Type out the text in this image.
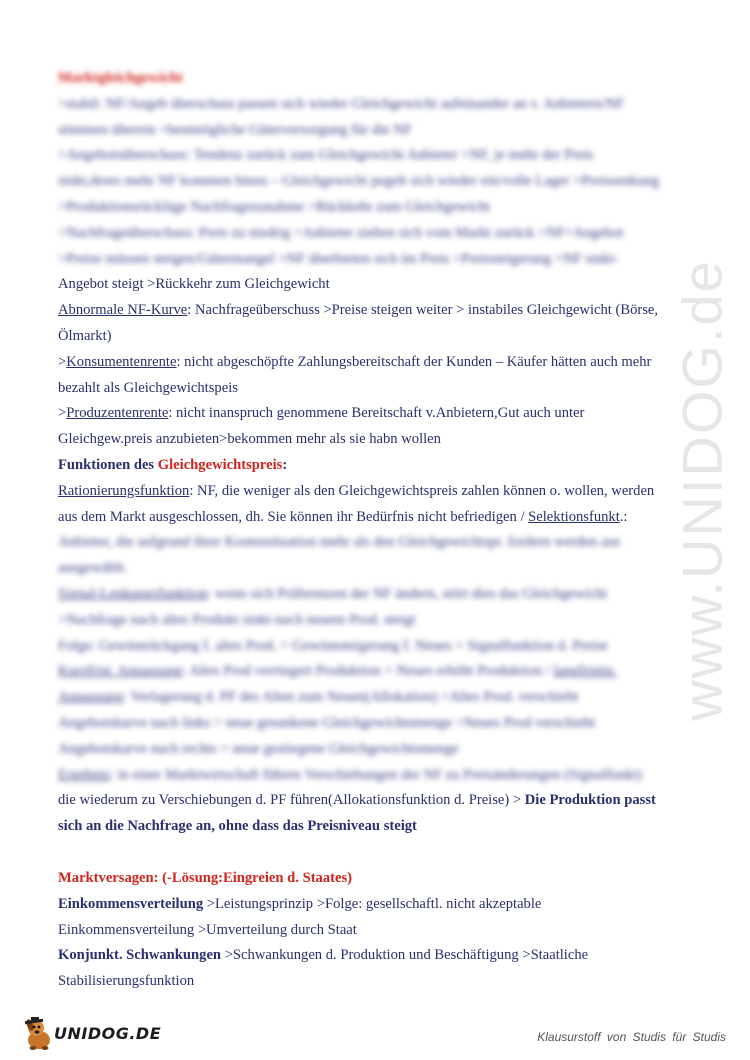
www.UNIDOG.de
Marktgleichgewicht
>stabil: NF/Angeb überschuss passen sich wieder Gleichgewicht aufeinander an v. Anbietern/NF
stimmen überein >bestmögliche Güterversorgung für die NF
>Angebotsüberschuss: Tendenz zurück zum Gleichgewicht Anbieter >NF, je mehr der Preis
sinkt,desto mehr NF kommen hinzu – Gleichgewicht pegelt sich wieder ein/volle Lager >Preissenkung
>Produktionsrückläge Nachfragezunahme >Rückkehr zum Gleichgewicht
>Nachfrageüberschuss: Preis zu niedrig >Anbieter ziehen sich vom Markt zurück >NF>Angebot
>Preise müssen steigen/Gütermangel >NF überbieten sich im Preis >Preissteigerung >NF sinkt-
Angebot steigt >Rückkehr zum Gleichgewicht
Abnormale NF-Kurve: Nachfrageüberschuss >Preise steigen weiter > instabiles Gleichgewicht (Börse,
Ölmarkt)
>Konsumentenrente: nicht abgeschöpfte Zahlungsbereitschaft der Kunden – Käufer hätten auch mehr
bezahlt als Gleichgewichtspeis
>Produzentenrente: nicht inanspruch genommene Bereitschaft v.Anbietern,Gut auch unter
Gleichgew.preis anzubieten>bekommen mehr als sie habn wollen
Funktionen des Gleichgewichtspreis:
Rationierungsfunktion: NF, die weniger als den Gleichgewichtspreis zahlen können o. wollen, werden
aus dem Markt ausgeschlossen, dh. Sie können ihr Bedürfnis nicht befriedigen / Selektionsfunkt.:
Anbieter, die aufgrund ihrer Kostensituation mehr als den Gleichgewichtspr. fordern werden aus
ausgewählt.
Signal-Lenkungsfunktion: wenn sich Präferenzen der NF ändern, stört dies das Gleichgewicht
>Nachfrage nach altes Produkt sinkt-nach neuem Prod. steigt
Folge: Gewinnrückgang f. altes Prod. > Gewinnsteigerung f. Neues > Signalfunktion d. Preise
Kurzfrist. Anpassung: Altes Prod verringert Produktion > Neues erhöht Produktion / langfristig.
Anpassung: Verlagerung d. PF des Alten zum Neuen(Allokation) >Altes Prod. verschiebt
Angebotskurve nach links > neue gesunkene Gleichgewichtsmenge >Neues Prod verschiebt
Angebotskurve nach rechts > neue gestiegene Gleichgewichtsmenge
Ergebnis: in einer Marktwirtschaft führen Verschiebungen der NF zu Preisänderungen (Signalfunkt)
die wiederum zu Verschiebungen d. PF führen(Allokationsfunktion d. Preise) > Die Produktion passt
sich an die Nachfrage an, ohne dass das Preisniveau steigt
Marktversagen: (-Lösung:Eingreien d. Staates)
Einkommensverteilung >Leistungsprinzip >Folge: gesellschaftl. nicht akzeptable
Einkommensverteilung >Umverteilung durch Staat
Konjunkt. Schwankungen >Schwankungen d. Produktion und Beschäftigung >Staatliche
Stabilisierungsfunktion
UNIDOG.DE	Klausurstoff von Studis für Studis
